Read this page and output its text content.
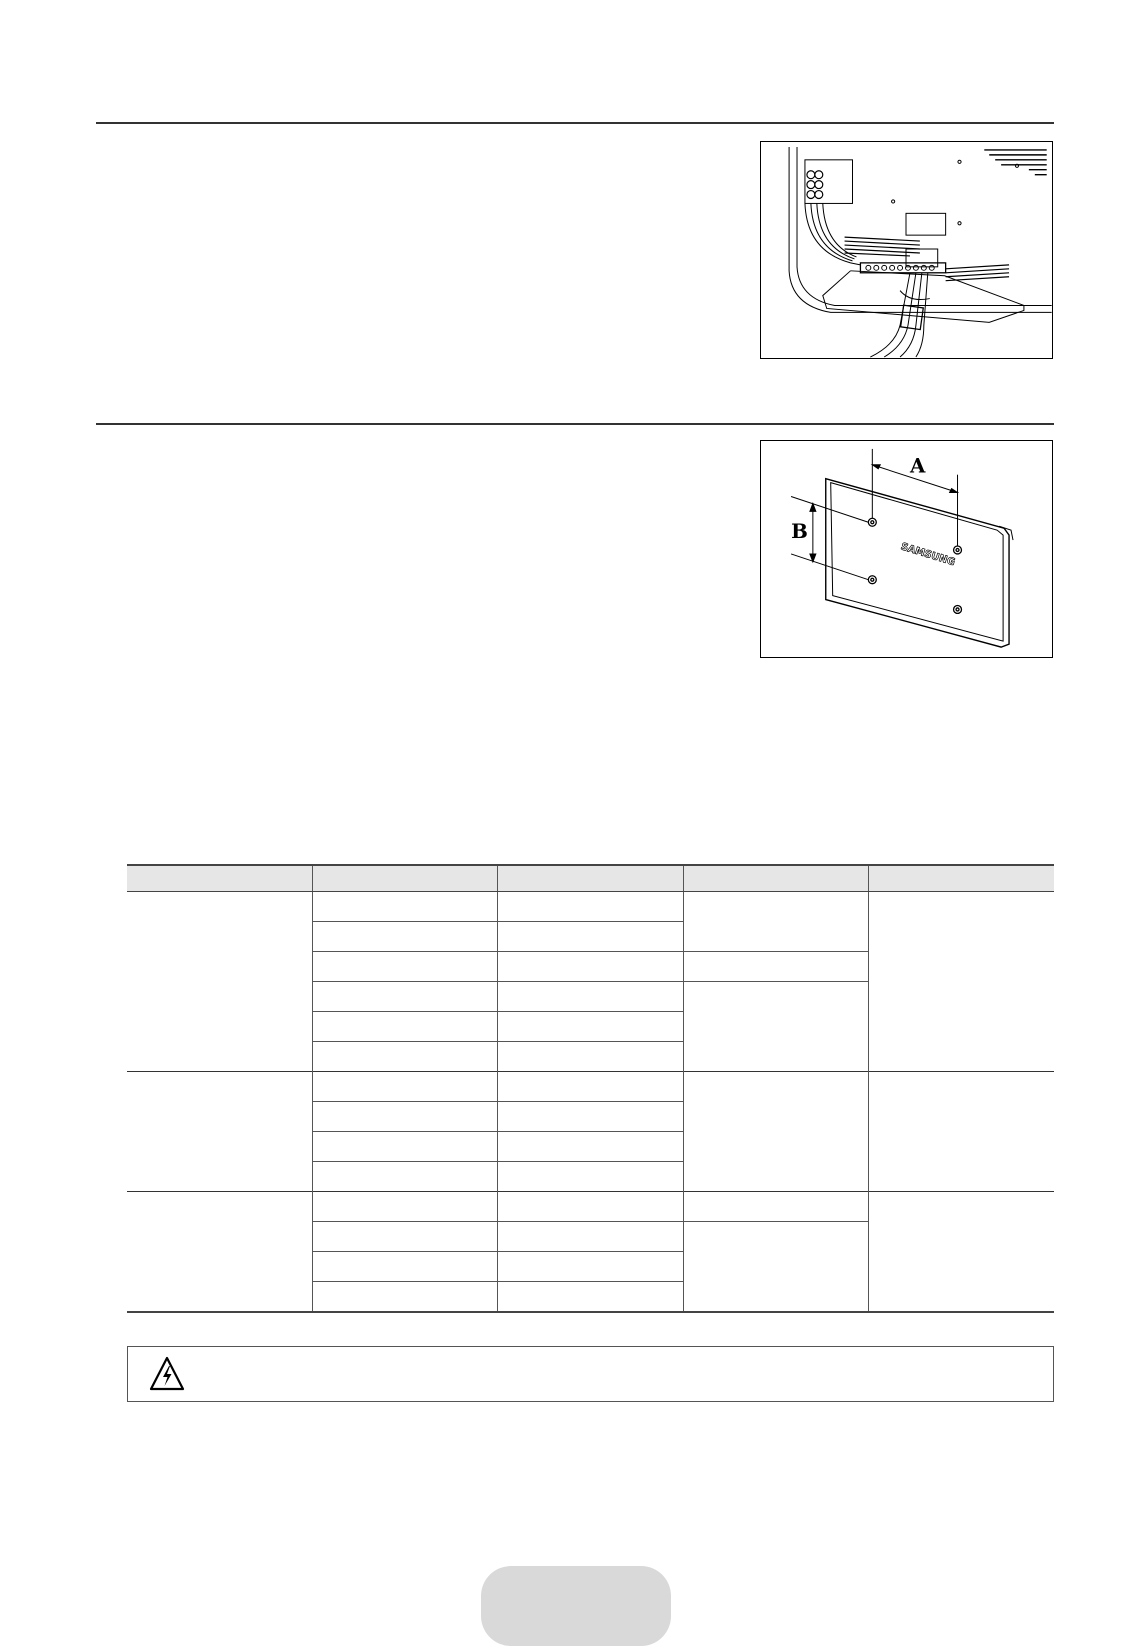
A
B
SAMSUNG
